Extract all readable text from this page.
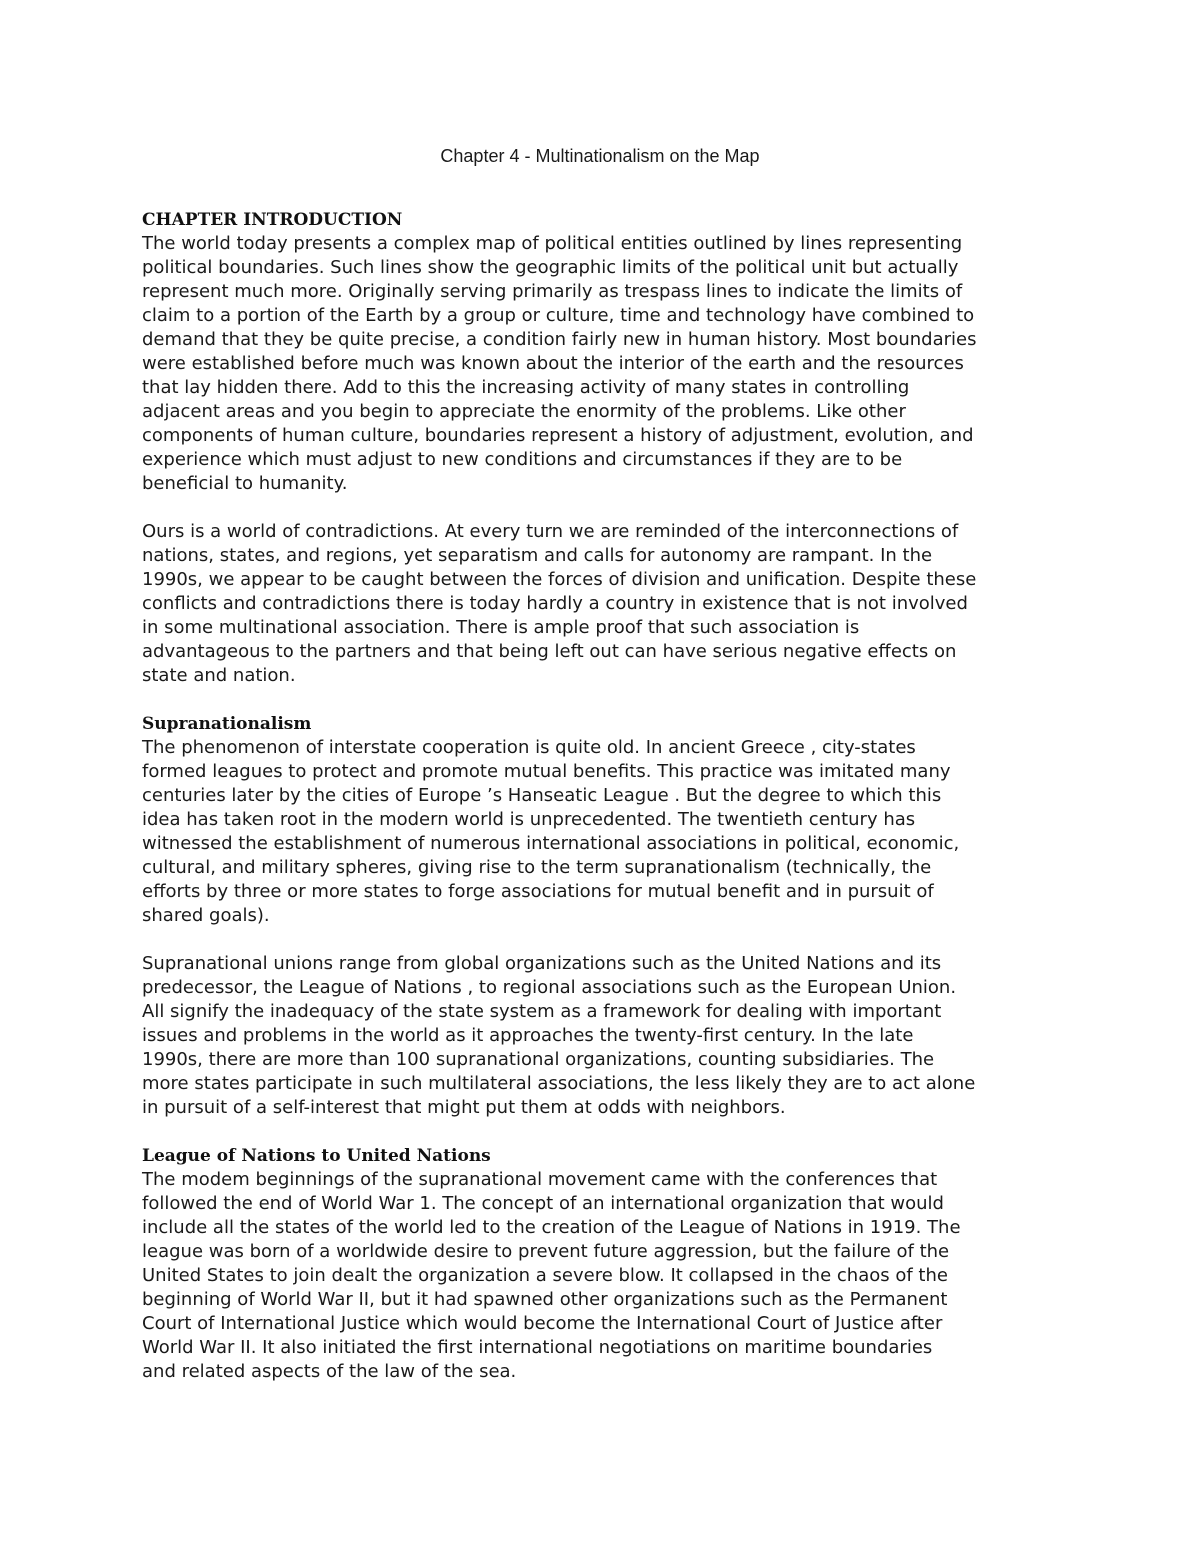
Chapter 4 - Multinationalism on the Map
CHAPTER INTRODUCTION
The world today presents a complex map of political entities outlined by lines representing
political boundaries. Such lines show the geographic limits of the political unit but actually
represent much more. Originally serving primarily as trespass lines to indicate the limits of
claim to a portion of the Earth by a group or culture, time and technology have combined to
demand that they be quite precise, a condition fairly new in human history. Most boundaries
were established before much was known about the interior of the earth and the resources
that lay hidden there. Add to this the increasing activity of many states in controlling
adjacent areas and you begin to appreciate the enormity of the problems. Like other
components of human culture, boundaries represent a history of adjustment, evolution, and
experience which must adjust to new conditions and circumstances if they are to be
beneficial to humanity.
Ours is a world of contradictions. At every turn we are reminded of the interconnections of
nations, states, and regions, yet separatism and calls for autonomy are rampant. In the
1990s, we appear to be caught between the forces of division and unification. Despite these
conflicts and contradictions there is today hardly a country in existence that is not involved
in some multinational association. There is ample proof that such association is
advantageous to the partners and that being left out can have serious negative effects on
state and nation.
Supranationalism
The phenomenon of interstate cooperation is quite old. In ancient Greece , city-states
formed leagues to protect and promote mutual benefits. This practice was imitated many
centuries later by the cities of Europe ’s Hanseatic League . But the degree to which this
idea has taken root in the modern world is unprecedented. The twentieth century has
witnessed the establishment of numerous international associations in political, economic,
cultural, and military spheres, giving rise to the term supranationalism (technically, the
efforts by three or more states to forge associations for mutual benefit and in pursuit of
shared goals).
Supranational unions range from global organizations such as the United Nations and its
predecessor, the League of Nations , to regional associations such as the European Union.
All signify the inadequacy of the state system as a framework for dealing with important
issues and problems in the world as it approaches the twenty-first century. In the late
1990s, there are more than 100 supranational organizations, counting subsidiaries. The
more states participate in such multilateral associations, the less likely they are to act alone
in pursuit of a self-interest that might put them at odds with neighbors.
League of Nations to United Nations
The modem beginnings of the supranational movement came with the conferences that
followed the end of World War 1. The concept of an international organization that would
include all the states of the world led to the creation of the League of Nations in 1919. The
league was born of a worldwide desire to prevent future aggression, but the failure of the
United States to join dealt the organization a severe blow. It collapsed in the chaos of the
beginning of World War II, but it had spawned other organizations such as the Permanent
Court of International Justice which would become the International Court of Justice after
World War II. It also initiated the first international negotiations on maritime boundaries
and related aspects of the law of the sea.
